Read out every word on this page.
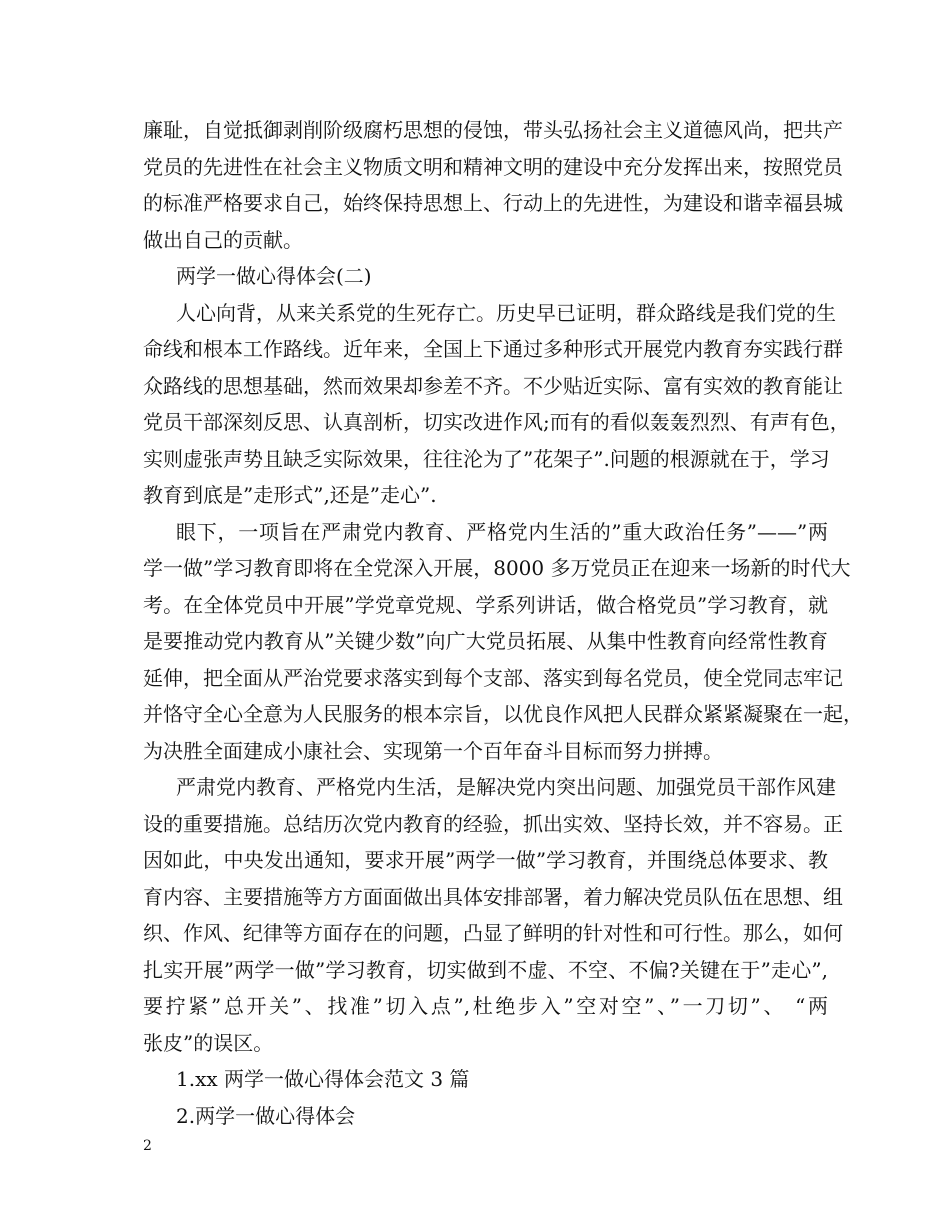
廉耻，自觉抵御剥削阶级腐朽思想的侵蚀，带头弘扬社会主义道德风尚，把共产
党员的先进性在社会主义物质文明和精神文明的建设中充分发挥出来，按照党员
的标准严格要求自己，始终保持思想上、行动上的先进性，为建设和谐幸福县城
做出自己的贡献。
两学一做心得体会(二)
人心向背，从来关系党的生死存亡。历史早已证明，群众路线是我们党的生
命线和根本工作路线。近年来，全国上下通过多种形式开展党内教育夯实践行群
众路线的思想基础，然而效果却参差不齐。不少贴近实际、富有实效的教育能让
党员干部深刻反思、认真剖析，切实改进作风;而有的看似轰轰烈烈、有声有色，
实则虚张声势且缺乏实际效果，往往沦为了”花架子”.问题的根源就在于，学习
教育到底是”走形式”,还是”走心”.
眼下，一项旨在严肃党内教育、严格党内生活的”重大政治任务”——”两
学一做”学习教育即将在全党深入开展，8000 多万党员正在迎来一场新的时代大
考。在全体党员中开展”学党章党规、学系列讲话，做合格党员”学习教育，就
是要推动党内教育从”关键少数”向广大党员拓展、从集中性教育向经常性教育
延伸，把全面从严治党要求落实到每个支部、落实到每名党员，使全党同志牢记
并恪守全心全意为人民服务的根本宗旨，以优良作风把人民群众紧紧凝聚在一起，
为决胜全面建成小康社会、实现第一个百年奋斗目标而努力拼搏。
严肃党内教育、严格党内生活，是解决党内突出问题、加强党员干部作风建
设的重要措施。总结历次党内教育的经验，抓出实效、坚持长效，并不容易。正
因如此，中央发出通知，要求开展”两学一做”学习教育，并围绕总体要求、教
育内容、主要措施等方方面面做出具体安排部署，着力解决党员队伍在思想、组
织、作风、纪律等方面存在的问题，凸显了鲜明的针对性和可行性。那么，如何
扎实开展”两学一做”学习教育，切实做到不虚、不空、不偏?关键在于”走心”,
要拧紧”总开关”、找准”切入点”,杜绝步入”空对空”、”一刀切”、 “两
张皮”的误区。
1.xx 两学一做心得体会范文 3 篇
2.两学一做心得体会
2
